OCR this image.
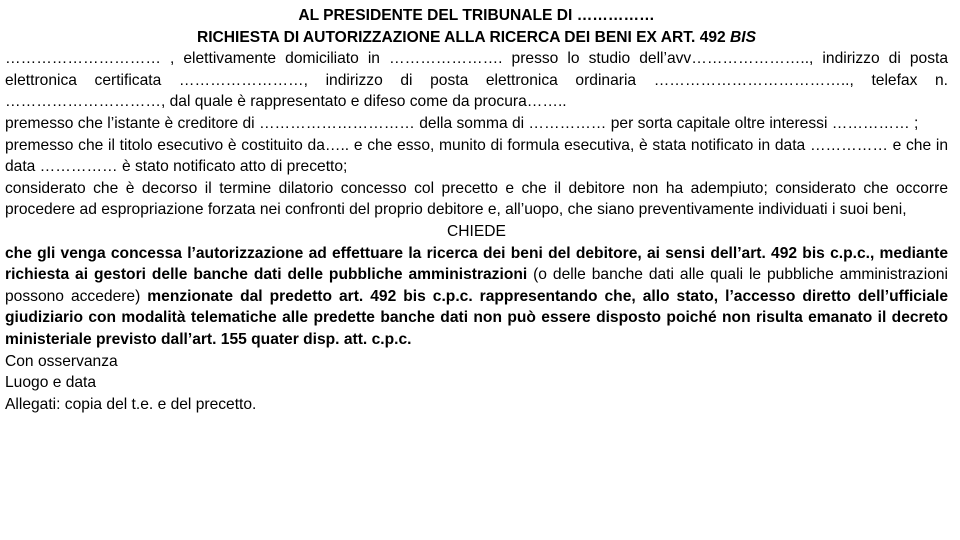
AL PRESIDENTE DEL TRIBUNALE DI ……………
RICHIESTA DI AUTORIZZAZIONE ALLA RICERCA DEI BENI EX ART. 492 BIS
………………………… , elettivamente domiciliato in …………………. presso lo studio dell’avv………………….., indirizzo di posta elettronica certificata ……………………, indirizzo di posta elettronica ordinaria ……………………………….., telefax n. …………………………, dal quale è rappresentato e difeso come da procura……..
premesso che l’istante è creditore di ………………………… della somma di …………… per sorta capitale oltre interessi …………… ;
premesso che il titolo esecutivo è costituito da….. e che esso, munito di formula esecutiva, è stata notificato in data …………… e che in data …………… è stato notificato atto di precetto;
considerato che è decorso il termine dilatorio concesso col precetto e che il debitore non ha adempiuto; considerato che occorre procedere ad espropriazione forzata nei confronti del proprio debitore e, all’uopo, che siano preventivamente individuati i suoi beni,
CHIEDE
che gli venga concessa l’autorizzazione ad effettuare la ricerca dei beni del debitore, ai sensi dell’art. 492 bis c.p.c., mediante richiesta ai gestori delle banche dati delle pubbliche amministrazioni (o delle banche dati alle quali le pubbliche amministrazioni possono accedere) menzionate dal predetto art. 492 bis c.p.c. rappresentando che, allo stato, l’accesso diretto dell’ufficiale giudiziario con modalità telematiche alle predette banche dati non può essere disposto poiché non risulta emanato il decreto ministeriale previsto dall’art. 155 quater disp. att. c.p.c.
Con osservanza
Luogo e data
Allegati: copia del t.e. e del precetto.
